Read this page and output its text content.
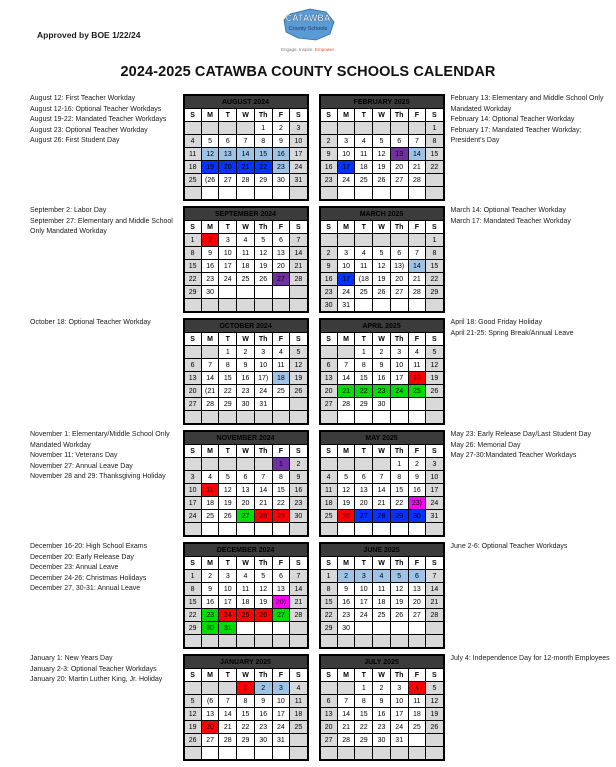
Approved by BOE 1/22/24
CATAWBA
County Schools
Engage. Inspire. Empower.
2024-2025 CATAWBA COUNTY SCHOOLS CALENDAR
August 12: First Teacher Workday
August 12-16: Optional Teacher Workdays
August 19-22: Mandated Teacher Workdays
August 23: Optional Teacher Workday
August 26: First Student Day
AUGUST 2024						
S	M	T	W	Th	F	S
				1	2	3
4	5	6	7	8	9	10
11	12	13	14	15	16	17
18	19	20	21	22	23	24
25	(26	27	28	29	30	31

FEBRUARY 2025						
S	M	T	W	Th	F	S
						1
2	3	4	5	6	7	8
9	10	11	12	13	14	15
16	17	18	19	20	21	22
23	24	25	26	27	28	

February 13: Elementary and Middle School Only Mandated Workday
February 14: Optional Teacher Workday
February 17: Mandated Teacher Workday; President's Day
September 2: Labor Day
September 27: Elementary and Middle School Only Mandated Workday
SEPTEMBER 2024						
S	M	T	W	Th	F	S
1	2	3	4	5	6	7
8	9	10	11	12	13	14
15	16	17	18	19	20	21
22	23	24	25	26	27	28
29	30					

MARCH 2025						
S	M	T	W	Th	F	S
						1
2	3	4	5	6	7	8
9	10	11	12	13)	14	15
16	17	(18	19	20	21	22
23	24	25	26	27	28	29
30	31					
March 14: Optional Teacher Workday
March 17: Mandated Teacher Workday
October 18: Optional Teacher Workday	OCTOBER 2024						
S	M	T	W	Th	F	S
		1	2	3	4	5
6	7	8	9	10	11	12
13	14	15	16	17)	18	19
20	(21	22	23	24	25	26
27	28	29	30	31		

APRIL 2025						
S	M	T	W	Th	F	S
		1	2	3	4	5
6	7	8	9	10	11	12
13	14	15	16	17	18	19
20	21	22	23	24	25	26
27	28	29	30			

April 18: Good Friday Holiday
April 21-25: Spring Break/Annual Leave
November 1: Elementary/Middle School Only Mandated Workday
November 11: Veterans Day
November 27: Annual Leave Day
November 28 and 29: Thanksgiving Holiday
NOVEMBER 2024						
S	M	T	W	Th	F	S
					1	2
3	4	5	6	7	8	9
10	11	12	13	14	15	16
17	18	19	20	21	22	23
24	25	26	27	28	29	30

MAY 2025						
S	M	T	W	Th	F	S
				1	2	3
4	5	6	7	8	9	10
11	12	13	14	15	16	17
18	19	20	21	22	23)	24
25	26	27	28	29	30	31

May 23: Early Release Day/Last Student Day
May 26: Memorial Day
May 27-30:Mandated Teacher Workdays
December 16-20: High School Exams
December 20: Early Release Day
December 23: Annual Leave
December 24-26: Christmas Holidays
December 27, 30-31: Annual Leave
DECEMBER 2024						
S	M	T	W	Th	F	S
1	2	3	4	5	6	7
8	9	10	11	12	13	14
15	16	17	18	19	20)	21
22	23	24	25	26	27	28
29	30	31				

JUNE 2025						
S	M	T	W	Th	F	S
1	2	3	4	5	6	7
8	9	10	11	12	13	14
15	16	17	18	19	20	21
22	23	24	25	26	27	28
29	30					

June 2-6: Optional Teacher Workdays
January 1: New Years Day
January 2-3: Optional Teacher Workdays
January 20: Martin Luther King, Jr. Holiday
JANUARY 2025						
S	M	T	W	Th	F	S
			1	2	3	4
5	(6	7	8	9	10	11
12	13	14	15	16	17	18
19	20	21	22	23	24	25
26	27	28	29	30	31	

JULY 2025						
S	M	T	W	Th	F	S
		1	2	3	4	5
6	7	8	9	10	11	12
13	14	15	16	17	18	19
20	21	22	23	24	25	26
27	28	29	30	31		

July 4: Independence Day for 12-month Employees
